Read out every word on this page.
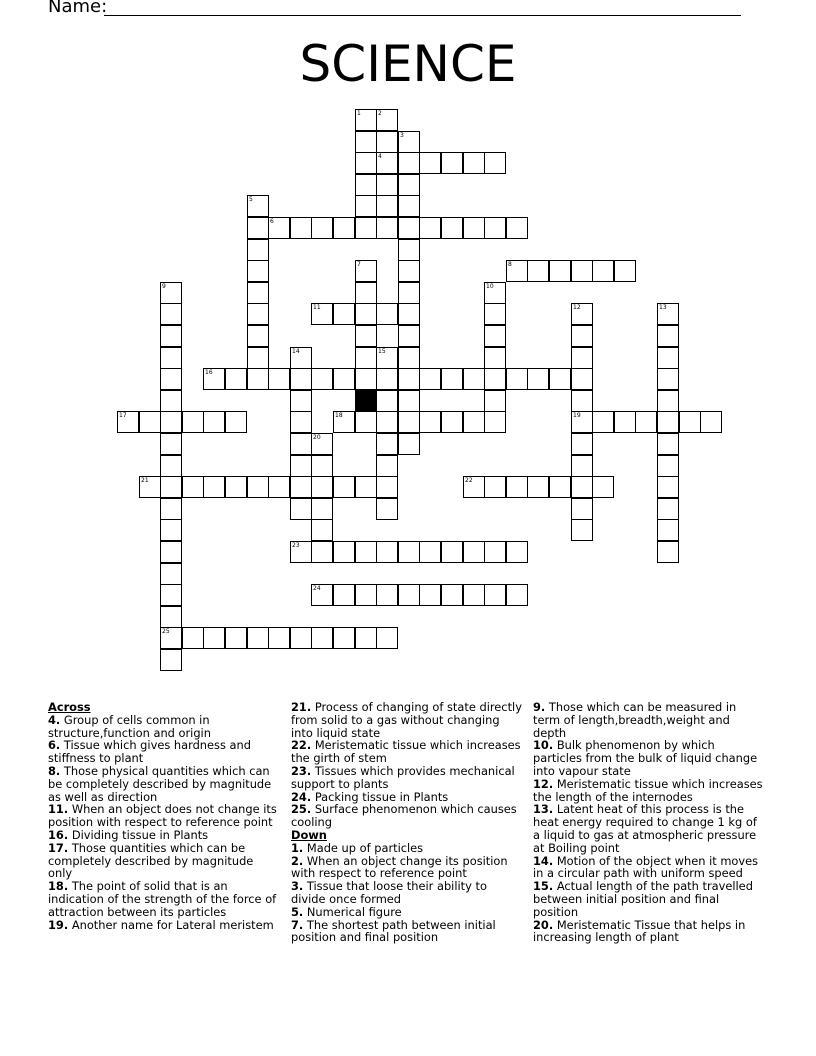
Name:
SCIENCE
1	2
4
3
5
6
7	8
9
25
10
11	12
19
13
14	15
16
17	18
20
21	22
23
24
Across
4. Group of cells common in structure,function and origin
6. Tissue which gives hardness and stiffness to plant
8. Those physical quantities which can be completely described by magnitude as well as direction
11. When an object does not change its position with respect to reference point
16. Dividing tissue in Plants
17. Those quantities which can be completely described by magnitude only
18. The point of solid that is an indication of the strength of the force of attraction between its particles
19. Another name for Lateral meristem
21. Process of changing of state directly from solid to a gas without changing into liquid state
22. Meristematic tissue which increases the girth of stem
23. Tissues which provides mechanical support to plants
24. Packing tissue in Plants
25. Surface phenomenon which causes cooling
Down
1. Made up of particles
2. When an object change its position with respect to reference point
3. Tissue that loose their ability to divide once formed
5. Numerical figure
7. The shortest path between initial position and final position
9. Those which can be measured in term of length,breadth,weight and depth
10. Bulk phenomenon by which particles from the bulk of liquid change into vapour state
12. Meristematic tissue which increases the length of the internodes
13. Latent heat of this process is the heat energy required to change 1 kg of a liquid to gas at atmospheric pressure at Boiling point
14. Motion of the object when it moves in a circular path with uniform speed
15. Actual length of the path travelled between initial position and final position
20. Meristematic Tissue that helps in increasing length of plant
